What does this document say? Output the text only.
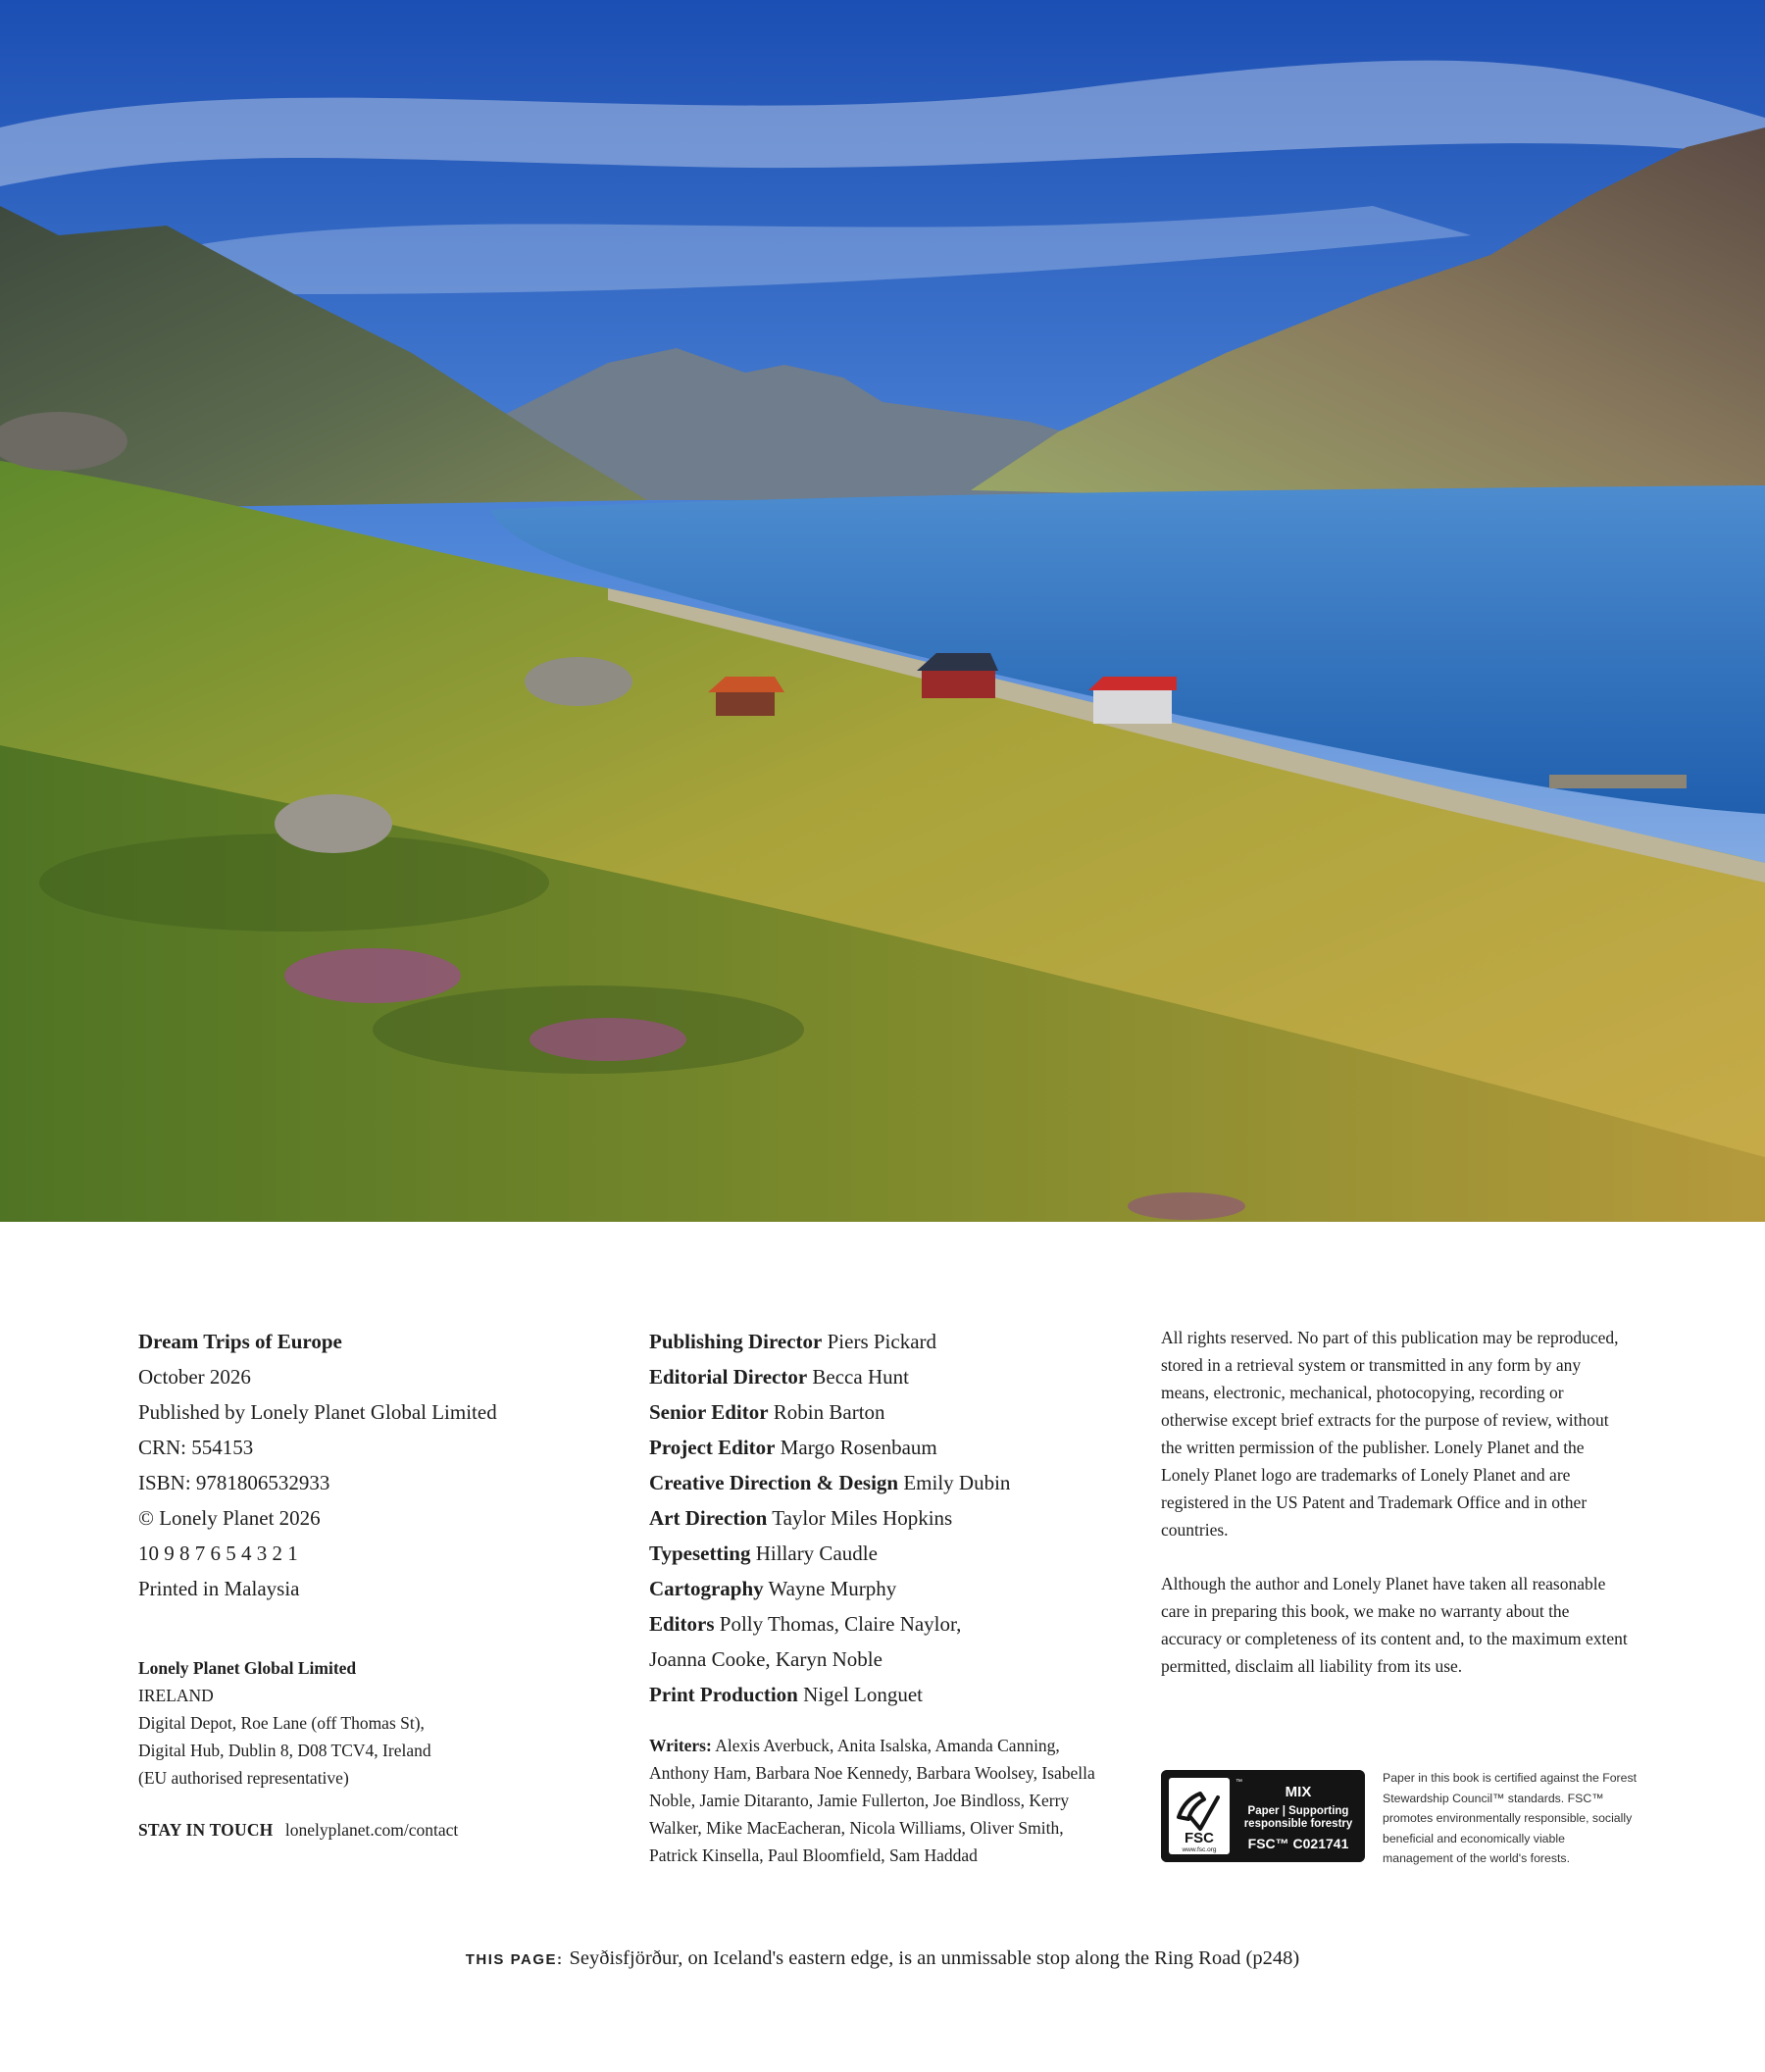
Dream Trips of Europe
October 2026
Published by Lonely Planet Global Limited
CRN: 554153
ISBN: 9781806532933
© Lonely Planet 2026
10 9 8 7 6 5 4 3 2 1
Printed in Malaysia
Lonely Planet Global Limited
IRELAND
Digital Depot, Roe Lane (off Thomas St),
Digital Hub, Dublin 8, D08 TCV4, Ireland
(EU authorised representative)
STAY IN TOUCH lonelyplanet.com/contact
Publishing Director Piers Pickard
Editorial Director Becca Hunt
Senior Editor Robin Barton
Project Editor Margo Rosenbaum
Creative Direction & Design Emily Dubin
Art Direction Taylor Miles Hopkins
Typesetting Hillary Caudle
Cartography Wayne Murphy
Editors Polly Thomas, Claire Naylor,
Joanna Cooke, Karyn Noble
Print Production Nigel Longuet
Writers: Alexis Averbuck, Anita Isalska, Amanda Canning, Anthony Ham, Barbara Noe Kennedy, Barbara Woolsey, Isabella Noble, Jamie Ditaranto, Jamie Fullerton, Joe Bindloss, Kerry Walker, Mike MacEacheran, Nicola Williams, Oliver Smith, Patrick Kinsella, Paul Bloomfield, Sam Haddad

All rights reserved. No part of this publication may be reproduced, stored in a retrieval system or transmitted in any form by any means, electronic, mechanical, photocopying, recording or otherwise except brief extracts for the purpose of review, without the written permission of the publisher. Lonely Planet and the Lonely Planet logo are trademarks of Lonely Planet and are registered in the US Patent and Trademark Office and in other countries.

Although the author and Lonely Planet have taken all reasonable care in preparing this book, we make no warranty about the accuracy or completeness of its content and, to the maximum extent permitted, disclaim all liability from its use.

FSC
www.fsc.org
™
MIX
Paper | Supporting
responsible forestry
FSC™ C021741
Paper in this book is certified against the Forest Stewardship Council™ standards. FSC™ promotes environmentally responsible, socially beneficial and economically viable management of the world's forests.
THIS PAGE: Seyðisfjörður, on Iceland's eastern edge, is an unmissable stop along the Ring Road (p248)
